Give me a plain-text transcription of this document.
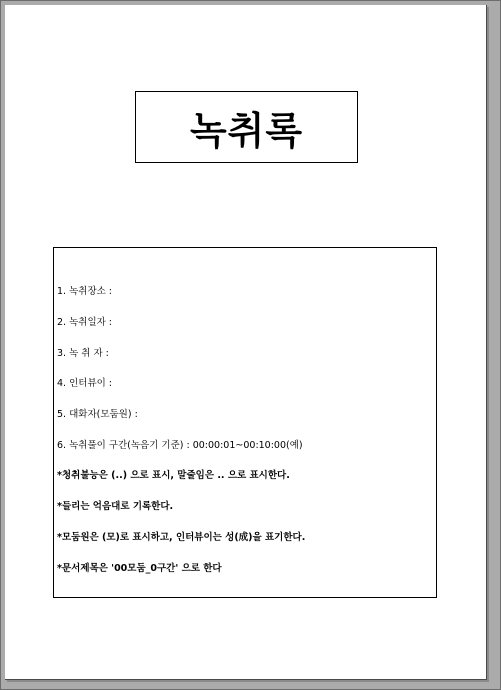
녹취록
1. 녹취장소 :
2. 녹취일자 :
3. 녹 취 자 :
4. 인터뷰이 :
5. 대화자(모둠원) :
6. 녹취풀이 구간(녹음기 기준) : 00:00:01~00:10:00(예)
*청취불능은 (..) 으로 표시, 말줄임은 .. 으로 표시한다.
*들리는 억음대로 기록한다.
*모둠원은 (모)로 표시하고, 인터뷰이는 성(成)을 표기한다.
*문서제목은 '00모둠_0구간' 으로 한다
